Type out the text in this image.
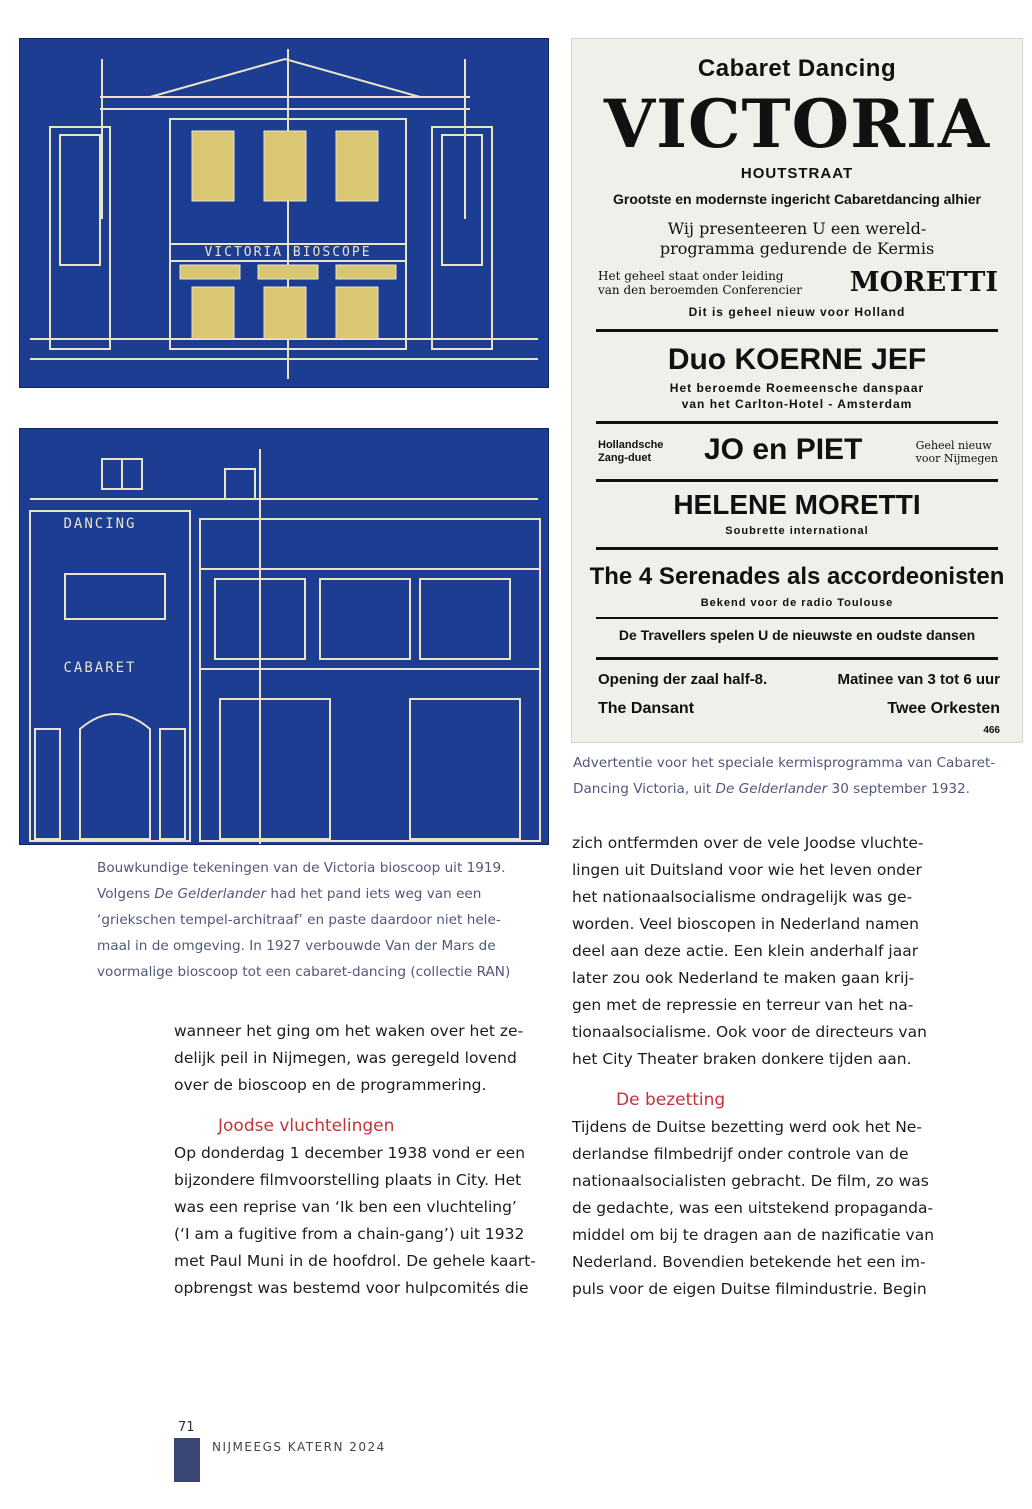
VICTORIA BIOSCOPE
DANCING
CABARET
Cabaret Dancing
VICTORIA
HOUTSTRAAT
Grootste en modernste ingericht Cabaretdancing alhier
Wij presenteeren U een wereld-
programma gedurende de Kermis
Het geheel staat onder leiding
van den beroemden Conferencier MORETTI
Dit is geheel nieuw voor Holland
Duo KOERNE JEF
Het beroemde Roemeensche danspaar
van het Carlton-Hotel - Amsterdam
Hollandsche
Zang-duet	JO en PIET	Geheel nieuw
voor Nijmegen
HELENE MORETTI
Soubrette international
The 4 Serenades als accordeonisten
Bekend voor de radio Toulouse
De Travellers spelen U de nieuwste en oudste dansen
Opening der zaal half-8.	Matinee van 3 tot 6 uur
The Dansant	Twee Orkesten
466
Advertentie voor het speciale kermisprogramma van Cabaret-
Dancing Victoria, uit De Gelderlander 30 september 1932.
Bouwkundige tekeningen van de Victoria bioscoop uit 1919.
Volgens De Gelderlander had het pand iets weg van een
‘griekschen tempel-architraaf’ en paste daardoor niet hele-
maal in de omgeving. In 1927 verbouwde Van der Mars de
voormalige bioscoop tot een cabaret-dancing (collectie RAN)
wanneer het ging om het waken over het ze-
delijk peil in Nijmegen, was geregeld lovend
over de bioscoop en de programmering.
Joodse vluchtelingen
Op donderdag 1 december 1938 vond er een
bijzondere filmvoorstelling plaats in City. Het
was een reprise van ‘Ik ben een vluchteling’
(‘I am a fugitive from a chain-gang’) uit 1932
met Paul Muni in de hoofdrol. De gehele kaart-
opbrengst was bestemd voor hulpcomités die
zich ontfermden over de vele Joodse vluchte-
lingen uit Duitsland voor wie het leven onder
het nationaalsocialisme ondragelijk was ge-
worden. Veel bioscopen in Nederland namen
deel aan deze actie. Een klein anderhalf jaar
later zou ook Nederland te maken gaan krij-
gen met de repressie en terreur van het na-
tionaalsocialisme. Ook voor de directeurs van
het City Theater braken donkere tijden aan.
De bezetting
Tijdens de Duitse bezetting werd ook het Ne-
derlandse filmbedrijf onder controle van de
nationaalsocialisten gebracht. De film, zo was
de gedachte, was een uitstekend propaganda-
middel om bij te dragen aan de nazificatie van
Nederland. Bovendien betekende het een im-
puls voor de eigen Duitse filmindustrie. Begin
71
NIJMEEGS KATERN 2024
